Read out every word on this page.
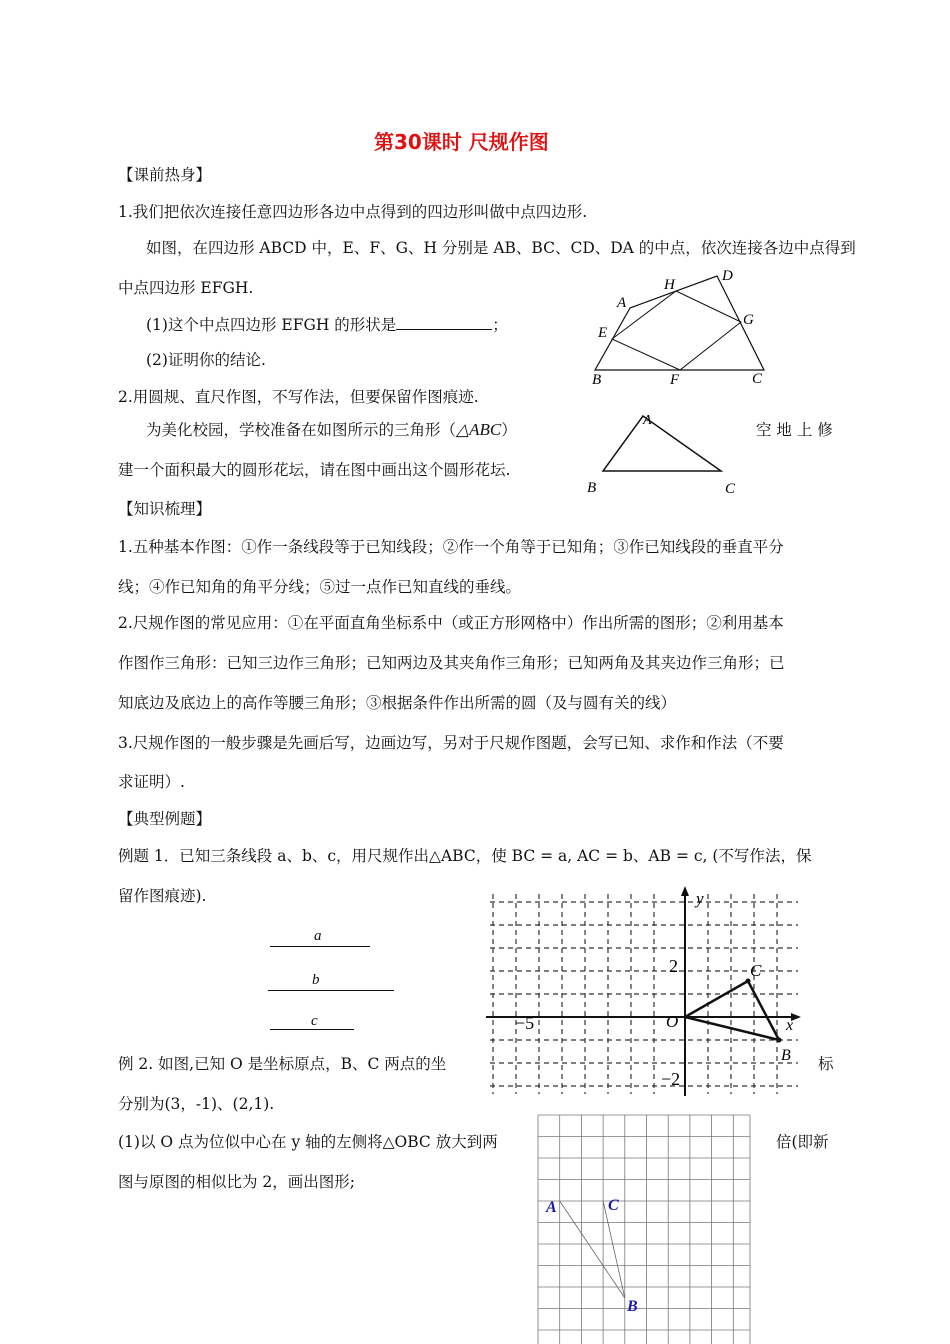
第30课时 尺规作图
【课前热身】
1.我们把依次连接任意四边形各边中点得到的四边形叫做中点四边形.
如图，在四边形 ABCD 中，E、F、G、H 分别是 AB、BC、CD、DA 的中点，依次连接各边中点得到
中点四边形 EFGH.
(1)这个中点四边形 EFGH 的形状是	；
(2)证明你的结论.
2.用圆规、直尺作图，不写作法，但要保留作图痕迹.
为美化校园，学校准备在如图所示的三角形（△ABC）	空 地 上 修
建一个面积最大的圆形花坛，请在图中画出这个圆形花坛.
【知识梳理】
1.五种基本作图：①作一条线段等于已知线段；②作一个角等于已知角；③作已知线段的垂直平分
线；④作已知角的角平分线；⑤过一点作已知直线的垂线。
2.尺规作图的常见应用：①在平面直角坐标系中（或正方形网格中）作出所需的图形；②利用基本
作图作三角形：已知三边作三角形；已知两边及其夹角作三角形；已知两角及其夹边作三角形；已
知底边及底边上的高作等腰三角形；③根据条件作出所需的圆（及与圆有关的线）
3.尺规作图的一般步骤是先画后写，边画边写，另对于尺规作图题，会写已知、求作和作法（不要
求证明）.
【典型例题】
例题 1．已知三条线段 a、b、c，用尺规作出△ABC，使 BC = a, AC = b、AB = c, (不写作法，保
留作图痕迹).
a
b
c
例 2. 如图,已知 O 是坐标原点，B、C 两点的坐	标
分别为(3，-1)、(2,1).
(1)以 O 点为位似中心在 y 轴的左侧将△OBC 放大到两	倍(即新
图与原图的相似比为 2，画出图形;
A
D
H
E
G
B	F	C
A
B	C
y
x
2
−5
−2
O
C
B
A	C
B
